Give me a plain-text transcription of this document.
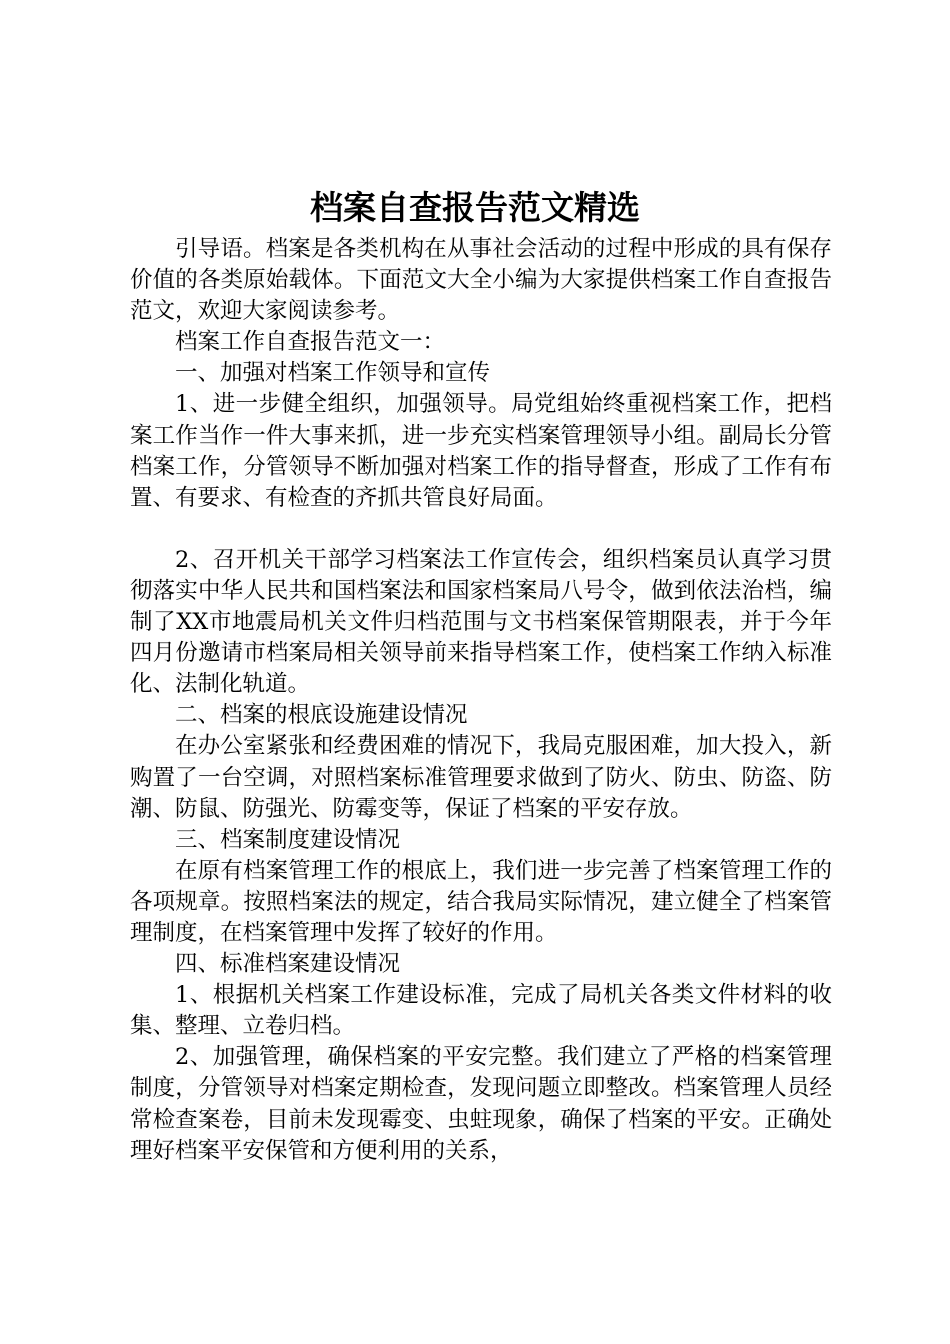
档案自查报告范文精选

引导语。档案是各类机构在从事社会活动的过程中形成的具有保存价值的各类原始载体。下面范文大全小编为大家提供档案工作自查报告范文，欢迎大家阅读参考。

档案工作自查报告范文一：

一、加强对档案工作领导和宣传

1、进一步健全组织，加强领导。局党组始终重视档案工作，把档案工作当作一件大事来抓，进一步充实档案管理领导小组。副局长分管档案工作，分管领导不断加强对档案工作的指导督查，形成了工作有布置、有要求、有检查的齐抓共管良好局面。

2、召开机关干部学习档案法工作宣传会，组织档案员认真学习贯彻落实中华人民共和国档案法和国家档案局八号令，做到依法治档，编制了XX市地震局机关文件归档范围与文书档案保管期限表，并于今年四月份邀请市档案局相关领导前来指导档案工作，使档案工作纳入标准化、法制化轨道。

二、档案的根底设施建设情况

在办公室紧张和经费困难的情况下，我局克服困难，加大投入，新购置了一台空调，对照档案标准管理要求做到了防火、防虫、防盗、防潮、防鼠、防强光、防霉变等，保证了档案的平安存放。

三、档案制度建设情况

在原有档案管理工作的根底上，我们进一步完善了档案管理工作的各项规章。按照档案法的规定，结合我局实际情况，建立健全了档案管理制度，在档案管理中发挥了较好的作用。

四、标准档案建设情况

1、根据机关档案工作建设标准，完成了局机关各类文件材料的收集、整理、立卷归档。

2、加强管理，确保档案的平安完整。我们建立了严格的档案管理制度，分管领导对档案定期检查，发现问题立即整改。档案管理人员经常检查案卷，目前未发现霉变、虫蛀现象，确保了档案的平安。正确处理好档案平安保管和方便利用的关系，
